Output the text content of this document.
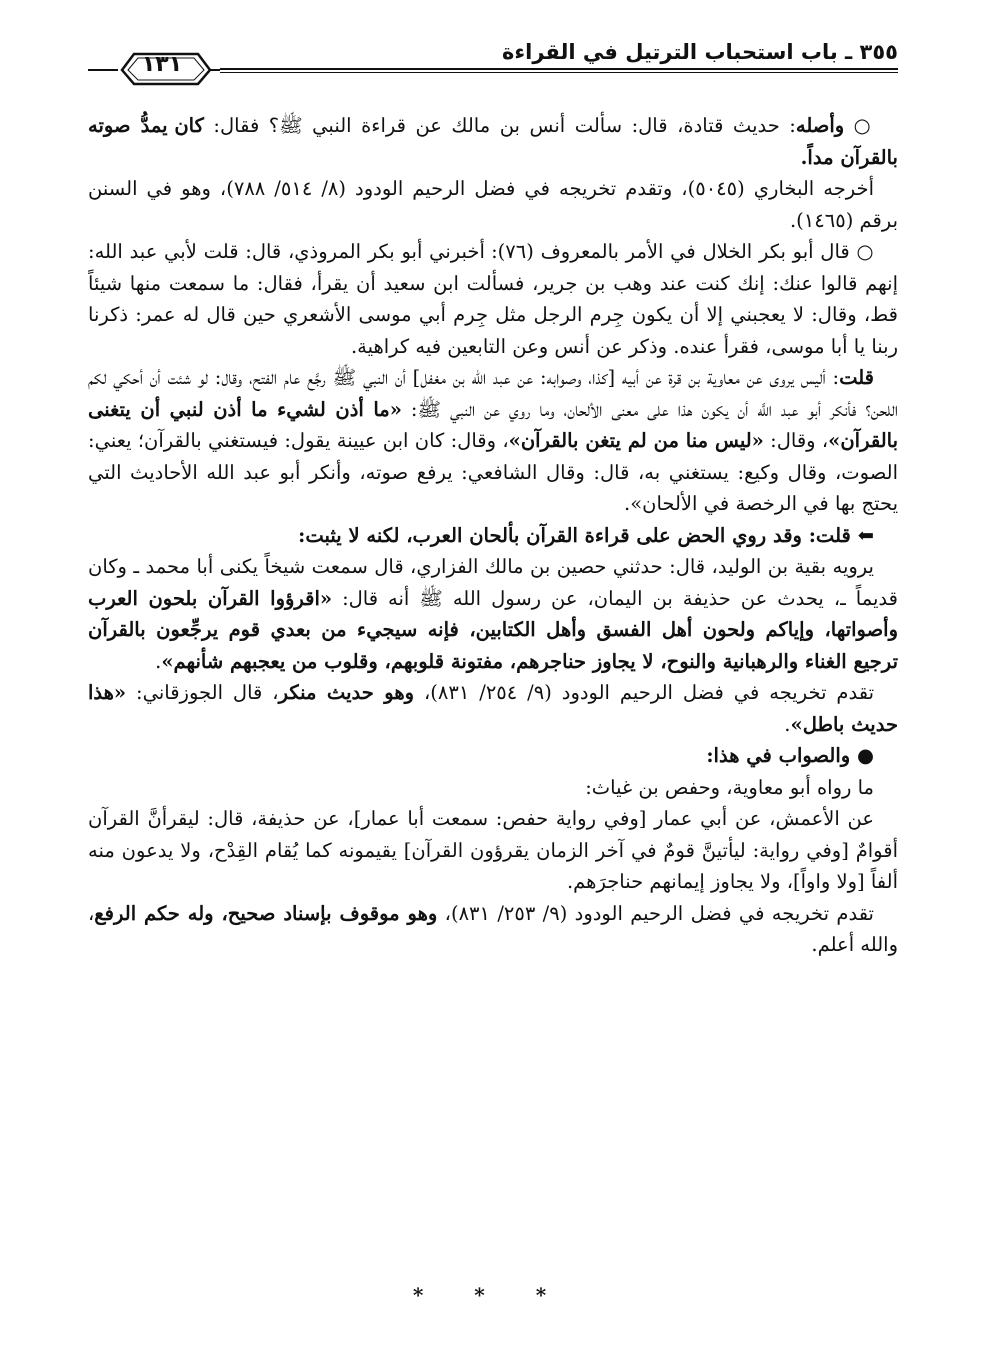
٣٥٥ ـ باب استحباب الترتيل في القراءة
١٣١

○ وأصله: حديث قتادة، قال: سألت أنس بن مالك عن قراءة النبي ﷺ؟ فقال: كان يمدُّ صوته بالقرآن مداً.

أخرجه البخاري (٥٠٤٥)، وتقدم تخريجه في فضل الرحيم الودود (٨/ ٥١٤/ ٧٨٨)، وهو في السنن برقم (١٤٦٥).

○ قال أبو بكر الخلال في الأمر بالمعروف (٧٦): أخبرني أبو بكر المروذي، قال: قلت لأبي عبد الله: إنهم قالوا عنك: إنك كنت عند وهب بن جرير، فسألت ابن سعيد أن يقرأ، فقال: ما سمعت منها شيئاً قط، وقال: لا يعجبني إلا أن يكون جِرم الرجل مثل جِرم أبي موسى الأشعري حين قال له عمر: ذكرنا ربنا يا أبا موسى، فقرأ عنده. وذكر عن أنس وعن التابعين فيه كراهية.

قلت: أليس يروى عن معاوية بن قرة عن أبيه [كذا، وصوابه: عن عبد الله بن مغفل] أن النبي ﷺ رجَّع عام الفتح، وقال: لو شئت أن أحكي لكم اللحن؟ فأنكر أبو عبد اللَّه أن يكون هذا على معنى الألحان، وما روي عن النبي ﷺ: «ما أذن لشيء ما أذن لنبي أن يتغنى بالقرآن»، وقال: «ليس منا من لم يتغن بالقرآن»، وقال: كان ابن عيينة يقول: فيستغني بالقرآن؛ يعني: الصوت، وقال وكيع: يستغني به، قال: وقال الشافعي: يرفع صوته، وأنكر أبو عبد الله الأحاديث التي يحتج بها في الرخصة في الألحان».

⬅ قلت: وقد روي الحض على قراءة القرآن بألحان العرب، لكنه لا يثبت:

يرويه بقية بن الوليد، قال: حدثني حصين بن مالك الفزاري، قال سمعت شيخاً يكنى أبا محمد ـ وكان قديماً ـ، يحدث عن حذيفة بن اليمان، عن رسول الله ﷺ أنه قال: «اقرؤوا القرآن بلحون العرب وأصواتها، وإياكم ولحون أهل الفسق وأهل الكتابين، فإنه سيجيء من بعدي قوم يرجِّعون بالقرآن ترجيع الغناء والرهبانية والنوح، لا يجاوز حناجرهم، مفتونة قلوبهم، وقلوب من يعجبهم شأنهم».

تقدم تخريجه في فضل الرحيم الودود (٩/ ٢٥٤/ ٨٣١)، وهو حديث منكر، قال الجوزقاني: «هذا حديث باطل».

● والصواب في هذا:

ما رواه أبو معاوية، وحفص بن غياث:

عن الأعمش، عن أبي عمار [وفي رواية حفص: سمعت أبا عمار]، عن حذيفة، قال: ليقرأنَّ القرآن أقوامٌ [وفي رواية: ليأتينَّ قومٌ في آخر الزمان يقرؤون القرآن] يقيمونه كما يُقام القِدْح، ولا يدعون منه ألفاً [ولا واواً]، ولا يجاوز إيمانهم حناجرَهم.

تقدم تخريجه في فضل الرحيم الودود (٩/ ٢٥٣/ ٨٣١)، وهو موقوف بإسناد صحيح، وله حكم الرفع، والله أعلم.

* * *
